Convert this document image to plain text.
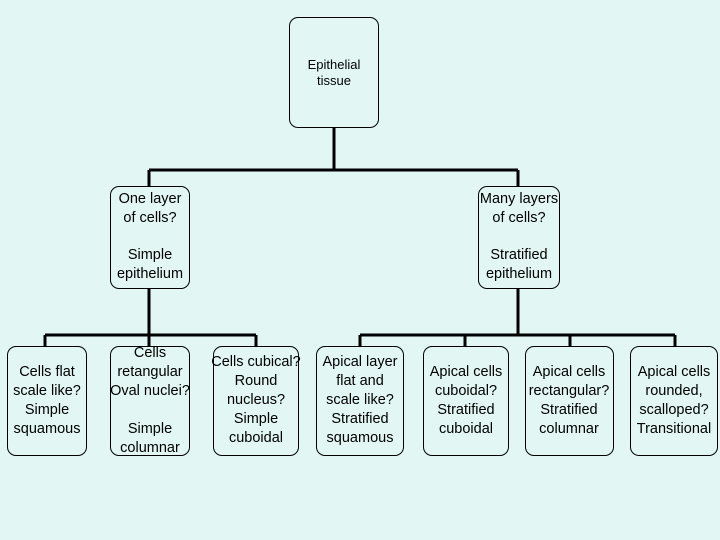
Epithelial
tissue
One layer
of cells?
Simple
epithelium
Many layers
of cells?
Stratified
epithelium
Cells flat
scale like?
Simple
squamous
Cells
retangular
Oval nuclei?
Simple
columnar
Cells cubical?
Round
nucleus?
Simple
cuboidal
Apical layer
flat and
scale like?
Stratified
squamous
Apical cells
cuboidal?
Stratified
cuboidal
Apical cells
rectangular?
Stratified
columnar
Apical cells
rounded,
scalloped?
Transitional
